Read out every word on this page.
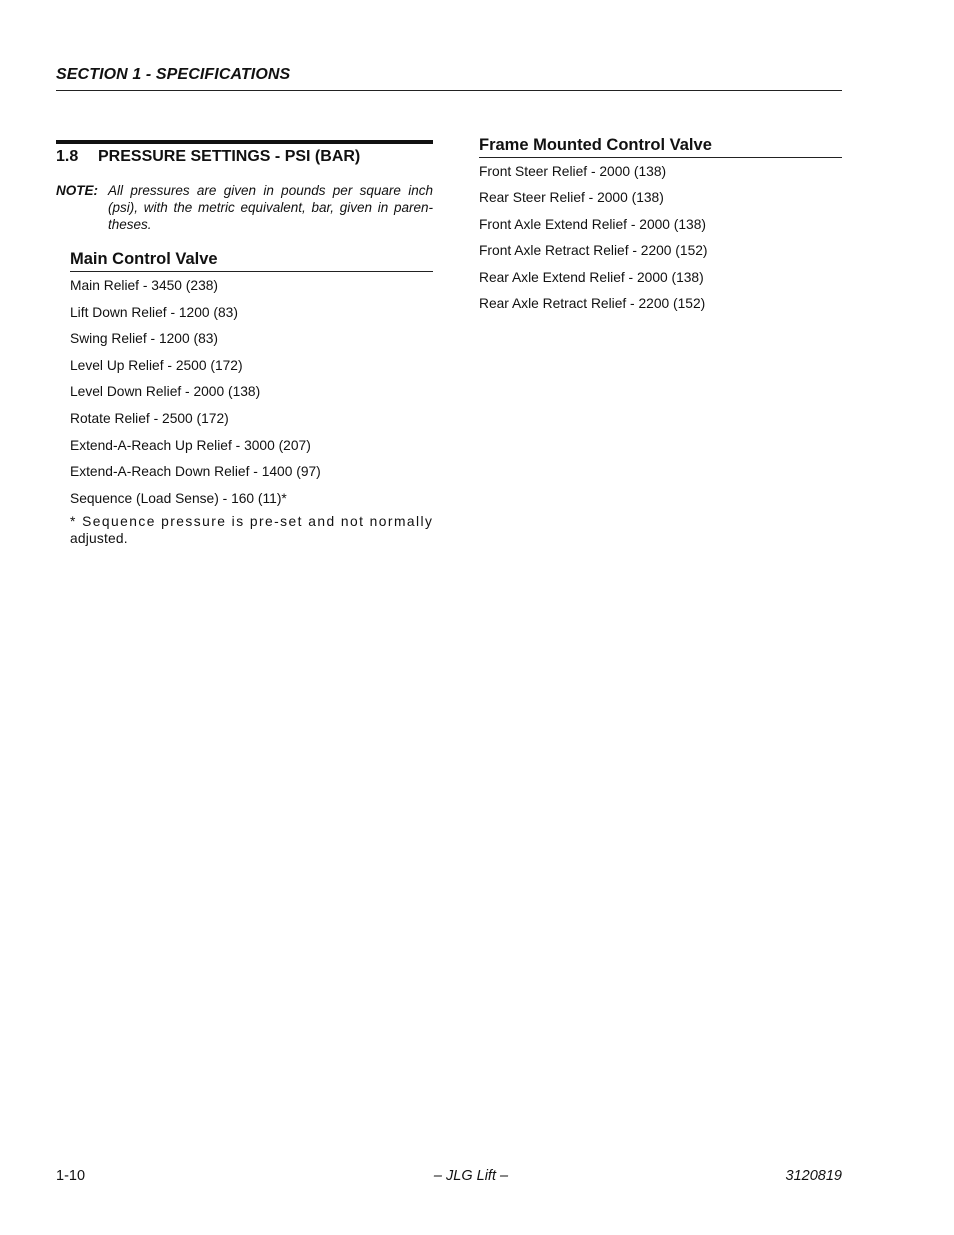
SECTION 1 - SPECIFICATIONS
1.8	PRESSURE SETTINGS - PSI (BAR)
NOTE: All pressures are given in pounds per square inch (psi), with the metric equivalent, bar, given in paren-theses.
Main Control Valve
Main Relief - 3450 (238)
Lift Down Relief - 1200 (83)
Swing Relief - 1200 (83)
Level Up Relief - 2500 (172)
Level Down Relief - 2000 (138)
Rotate Relief - 2500 (172)
Extend-A-Reach Up Relief - 3000 (207)
Extend-A-Reach Down Relief - 1400 (97)
Sequence (Load Sense) - 160 (11)*
* Sequence pressure is pre-set and not normally
adjusted.
Frame Mounted Control Valve
Front Steer Relief - 2000 (138)
Rear Steer Relief - 2000 (138)
Front Axle Extend Relief - 2000 (138)
Front Axle Retract Relief - 2200 (152)
Rear Axle Extend Relief - 2000 (138)
Rear Axle Retract Relief - 2200 (152)
1-10	– JLG Lift –	3120819
